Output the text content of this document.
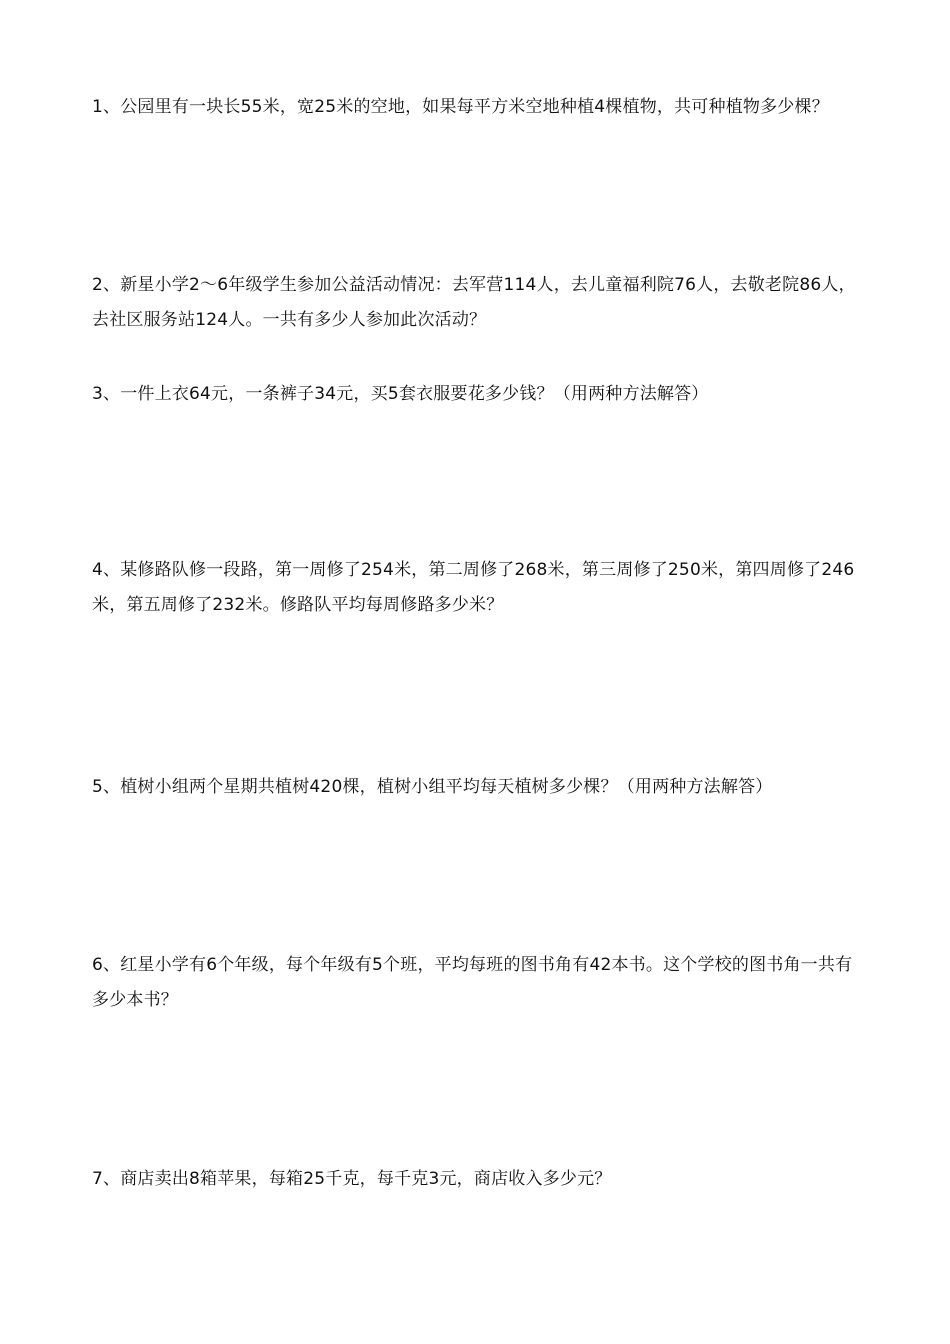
1、公园里有一块长55米，宽25米的空地，如果每平方米空地种植4棵植物，共可种植物多少棵？

2、新星小学2～6年级学生参加公益活动情况：去军营114人，去儿童福利院76人，去敬老院86人， 去社区服务站124人。一共有多少人参加此次活动？

3、一件上衣64元，一条裤子34元，买5套衣服要花多少钱？（用两种方法解答）

4、某修路队修一段路，第一周修了254米，第二周修了268米，第三周修了250米，第四周修了246米，第五周修了232米。修路队平均每周修路多少米？

5、植树小组两个星期共植树420棵，植树小组平均每天植树多少棵？（用两种方法解答）

6、红星小学有6个年级，每个年级有5个班，平均每班的图书角有42本书。这个学校的图书角一共有多少本书？

7、商店卖出8箱苹果，每箱25千克，每千克3元，商店收入多少元？
